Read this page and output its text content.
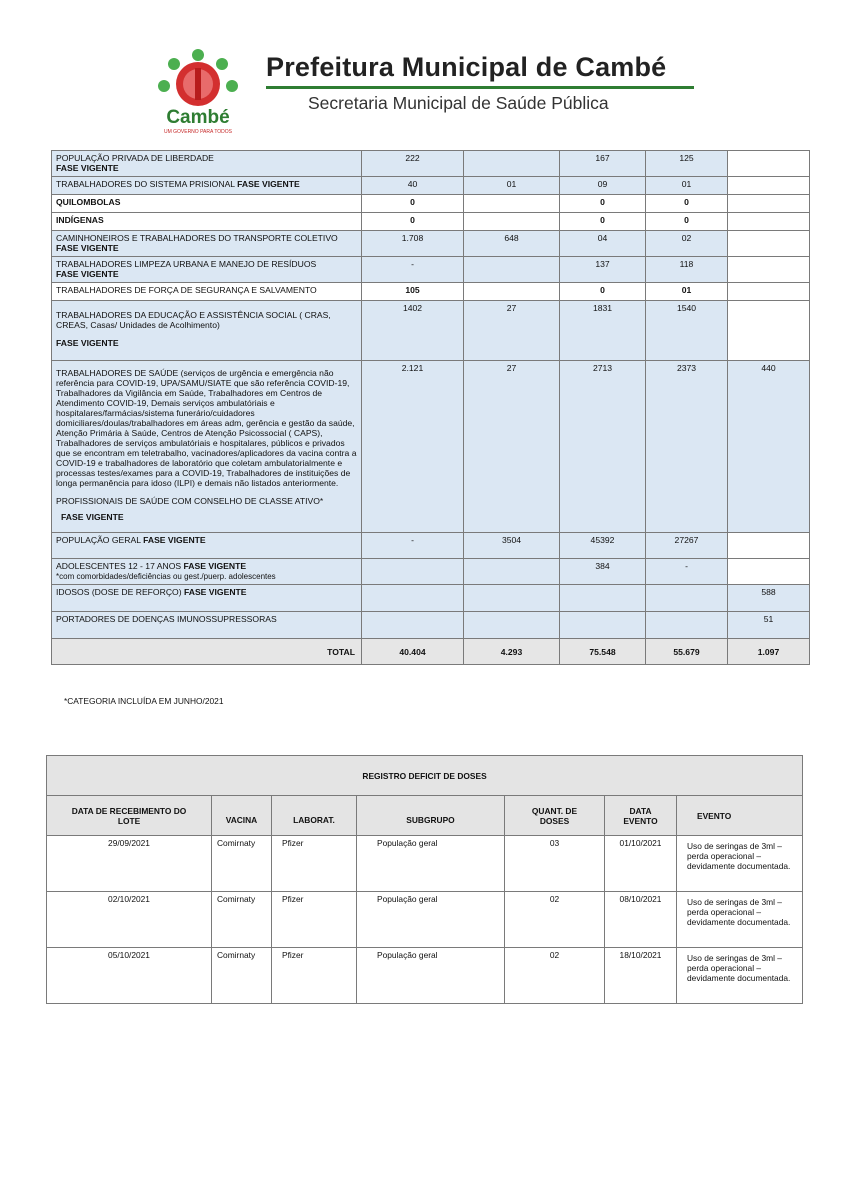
Cambé
UM GOVERNO PARA TODOS
Prefeitura Municipal de Cambé
Secretaria Municipal de Saúde Pública
POPULAÇÃO PRIVADA DE LIBERDADE
FASE VIGENTE	222		167	125	
TRABALHADORES DO SISTEMA PRISIONAL FASE VIGENTE	40	01	09	01	
QUILOMBOLAS	0		0	0	
INDÍGENAS	0		0	0	
CAMINHONEIROS E TRABALHADORES DO TRANSPORTE COLETIVO
FASE VIGENTE	1.708	648	04	02	
TRABALHADORES LIMPEZA URBANA E MANEJO DE RESÍDUOS
FASE VIGENTE	-		137	118	
TRABALHADORES DE FORÇA DE SEGURANÇA E SALVAMENTO	105		0	01	

TRABALHADORES DA EDUCAÇÃO E ASSISTÊNCIA SOCIAL ( CRAS, CREAS, Casas/ Unidades de Acolhimento)
FASE VIGENTE	1402	27	1831	1540	

TRABALHADORES DE SAÚDE (serviços de urgência e emergência não referência para COVID-19, UPA/SAMU/SIATE que são referência COVID-19, Trabalhadores da Vigilância em Saúde, Trabalhadores em Centros de Atendimento COVID-19, Demais serviços ambulatóriais e hospitalares/farmácias/sistema funerário/cuidadores domiciliares/doulas/trabalhadores em áreas adm, gerência e gestão da saúde, Atenção Primária à Saúde, Centros de Atenção Psicossocial ( CAPS), Trabalhadores de serviços ambulatóriais e hospitalares, públicos e privados que se encontram em teletrabalho, vacinadores/aplicadores da vacina contra a COVID-19 e trabalhadores de laboratório que coletam ambulatorialmente e processas testes/exames para a COVID-19, Trabalhadores de instituições de longa permanência para idoso (ILPI) e demais não listados anteriormente.
PROFISSIONAIS DE SAÚDE COM CONSELHO DE CLASSE ATIVO*
FASE VIGENTE	2.121	27	2713	2373	440
POPULAÇÃO GERAL FASE VIGENTE	-	3504	45392	27267	
ADOLESCENTES 12 - 17 ANOS FASE VIGENTE
*com comorbidades/deficiências ou gest./puerp. adolescentes			384	-	
IDOSOS (DOSE DE REFORÇO) FASE VIGENTE					588
PORTADORES DE DOENÇAS IMUNOSSUPRESSORAS					51
TOTAL	40.404	4.293	75.548	55.679	1.097
*CATEGORIA INCLUÍDA EM JUNHO/2021
REGISTRO DEFICIT DE DOSES						
DATA DE RECEBIMENTO DO LOTE	VACINA	LABORAT.	SUBGRUPO	QUANT. DE DOSES	DATA EVENTO	EVENTO
29/09/2021	Comirnaty	Pfizer	População geral	03	01/10/2021	Uso de seringas de 3ml – perda operacional – devidamente documentada.
02/10/2021	Comirnaty	Pfizer	População geral	02	08/10/2021	Uso de seringas de 3ml – perda operacional – devidamente documentada.
05/10/2021	Comirnaty	Pfizer	População geral	02	18/10/2021	Uso de seringas de 3ml – perda operacional – devidamente documentada.
